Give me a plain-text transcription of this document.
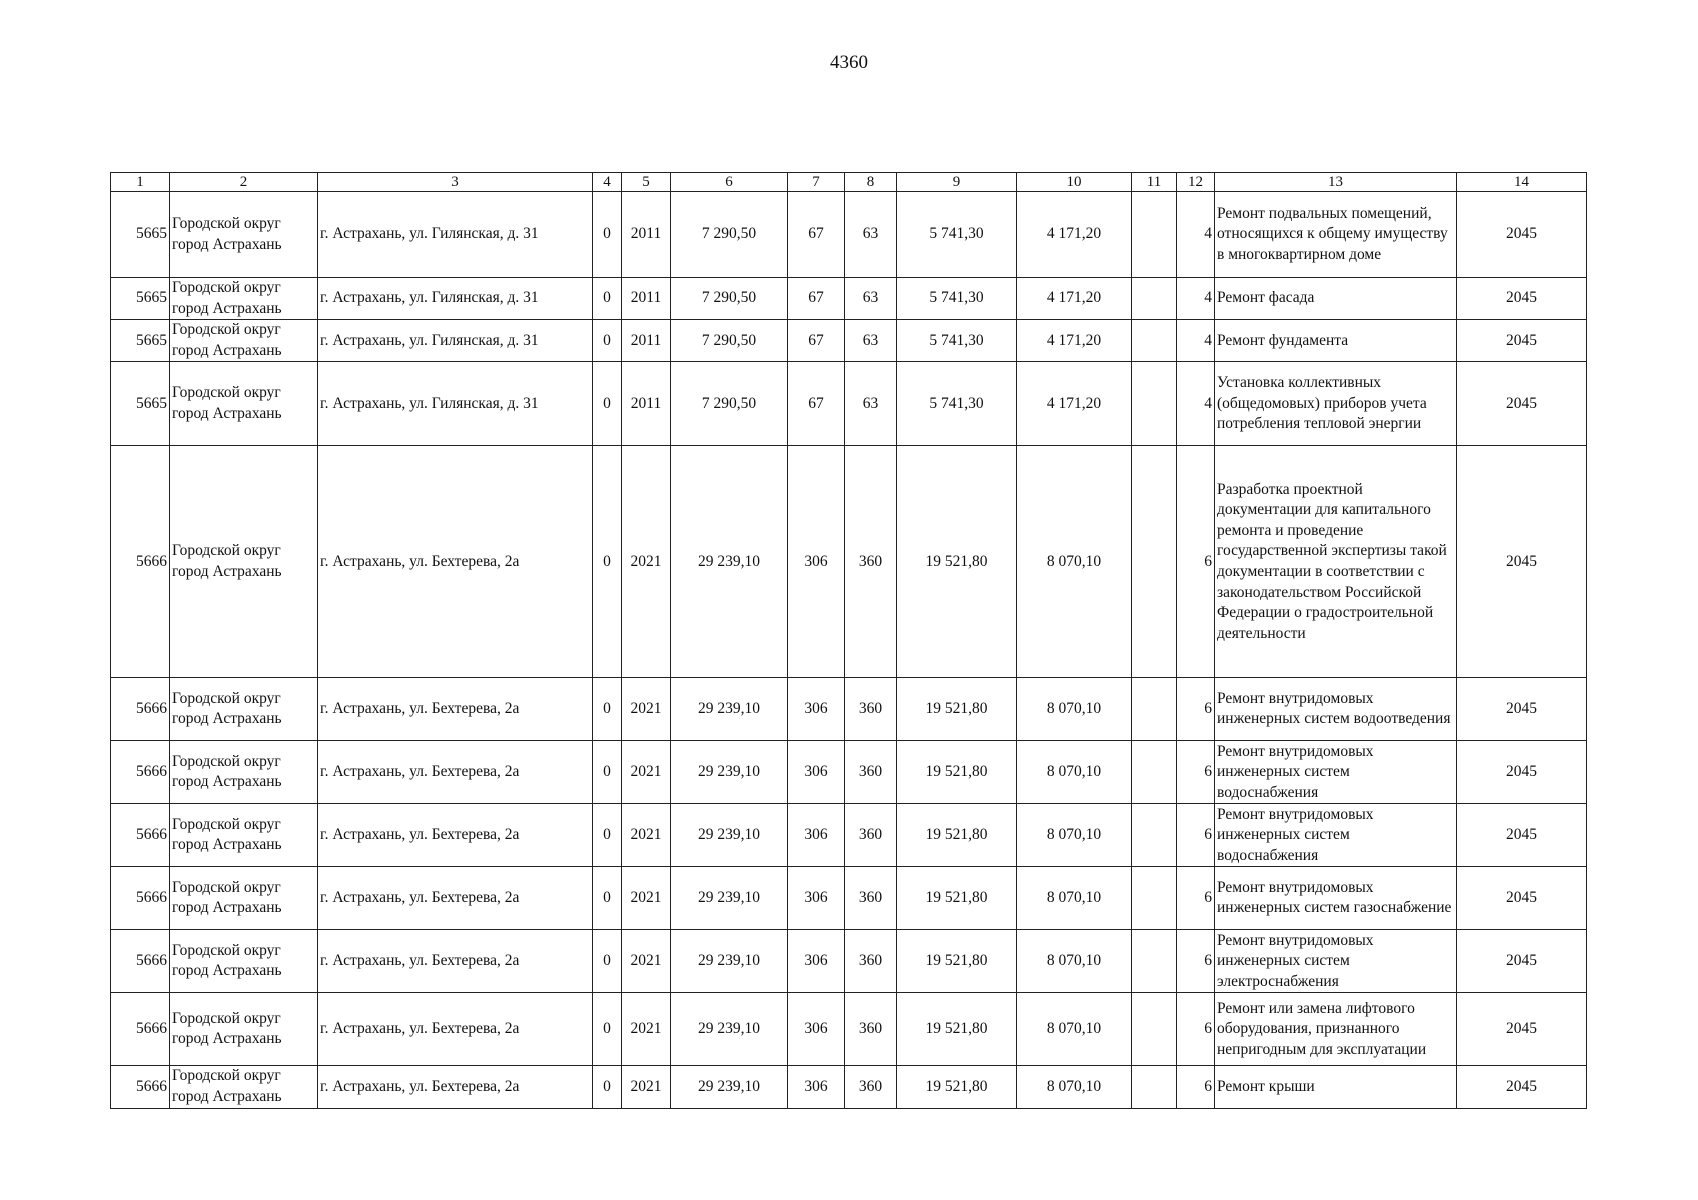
4360
1	2	3	4	5	6	7	8	9	10	11	12	13	14
5665	Городской округ город Астрахань	г. Астрахань, ул. Гилянская, д. 31	0	2011	7 290,50	67	63	5 741,30	4 171,20		4	Ремонт подвальных помещений, относящихся к общему имуществу в многоквартирном доме	2045
5665	Городской округ город Астрахань	г. Астрахань, ул. Гилянская, д. 31	0	2011	7 290,50	67	63	5 741,30	4 171,20		4	Ремонт фасада	2045
5665	Городской округ город Астрахань	г. Астрахань, ул. Гилянская, д. 31	0	2011	7 290,50	67	63	5 741,30	4 171,20		4	Ремонт фундамента	2045
5665	Городской округ город Астрахань	г. Астрахань, ул. Гилянская, д. 31	0	2011	7 290,50	67	63	5 741,30	4 171,20		4	Установка коллективных (общедомовых) приборов учета потребления тепловой энергии	2045
5666	Городской округ город Астрахань	г. Астрахань, ул. Бехтерева, 2а	0	2021	29 239,10	306	360	19 521,80	8 070,10		6	Разработка проектной документации для капитального ремонта и проведение государственной экспертизы такой документации в соответствии с законодательством Российской Федерации о градостроительной деятельности	2045
5666	Городской округ город Астрахань	г. Астрахань, ул. Бехтерева, 2а	0	2021	29 239,10	306	360	19 521,80	8 070,10		6	Ремонт внутридомовых инженерных систем водоотведения	2045
5666	Городской округ город Астрахань	г. Астрахань, ул. Бехтерева, 2а	0	2021	29 239,10	306	360	19 521,80	8 070,10		6	Ремонт внутридомовых инженерных систем водоснабжения	2045
5666	Городской округ город Астрахань	г. Астрахань, ул. Бехтерева, 2а	0	2021	29 239,10	306	360	19 521,80	8 070,10		6	Ремонт внутридомовых инженерных систем водоснабжения	2045
5666	Городской округ город Астрахань	г. Астрахань, ул. Бехтерева, 2а	0	2021	29 239,10	306	360	19 521,80	8 070,10		6	Ремонт внутридомовых инженерных систем газоснабжение	2045
5666	Городской округ город Астрахань	г. Астрахань, ул. Бехтерева, 2а	0	2021	29 239,10	306	360	19 521,80	8 070,10		6	Ремонт внутридомовых инженерных систем электроснабжения	2045
5666	Городской округ город Астрахань	г. Астрахань, ул. Бехтерева, 2а	0	2021	29 239,10	306	360	19 521,80	8 070,10		6	Ремонт или замена лифтового оборудования, признанного непригодным для эксплуатации	2045
5666	Городской округ город Астрахань	г. Астрахань, ул. Бехтерева, 2а	0	2021	29 239,10	306	360	19 521,80	8 070,10		6	Ремонт крыши	2045
